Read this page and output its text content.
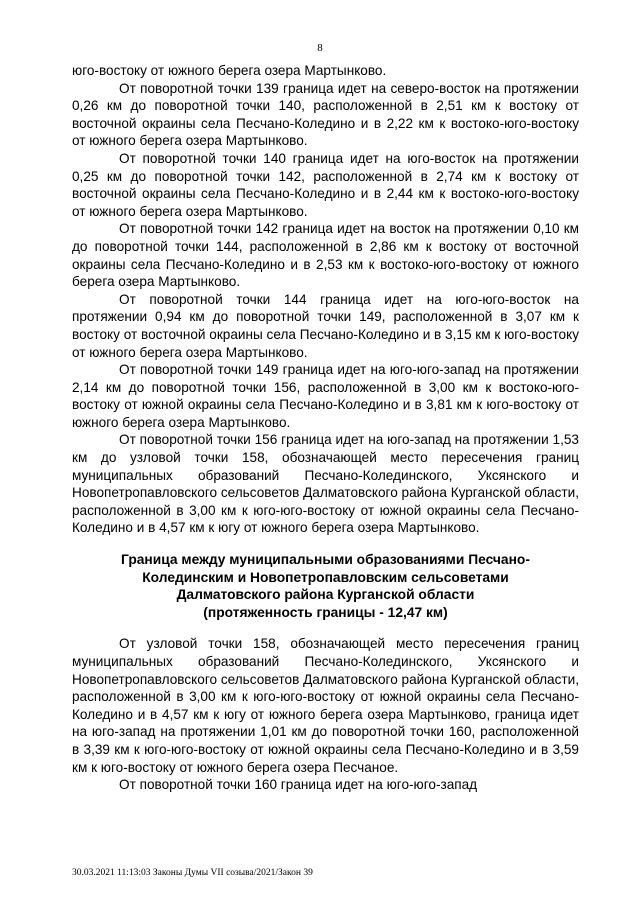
8

юго-востоку от южного берега озера Мартынково.

От поворотной точки 139 граница идет на северо-восток на протяжении 0,26 км до поворотной точки 140, расположенной в 2,51 км к востоку от восточной окраины села Песчано-Коледино и в 2,22 км к востоко-юго-востоку от южного берега озера Мартынково.

От поворотной точки 140 граница идет на юго-восток на протяжении 0,25 км до поворотной точки 142, расположенной в 2,74 км к востоку от восточной окраины села Песчано-Коледино и в 2,44 км к востоко-юго-востоку от южного берега озера Мартынково.

От поворотной точки 142 граница идет на восток на протяжении 0,10 км до поворотной точки 144, расположенной в 2,86 км к востоку от восточной окраины села Песчано-Коледино и в 2,53 км к востоко-юго-востоку от южного берега озера Мартынково.

От поворотной точки 144 граница идет на юго-юго-восток на протяжении 0,94 км до поворотной точки 149, расположенной в 3,07 км к востоку от восточной окраины села Песчано-Коледино и в 3,15 км к юго-востоку от южного берега озера Мартынково.

От поворотной точки 149 граница идет на юго-юго-запад на протяжении 2,14 км до поворотной точки 156, расположенной в 3,00 км к востоко-юго-востоку от южной окраины села Песчано-Коледино и в 3,81 км к юго-востоку от южного берега озера Мартынково.

От поворотной точки 156 граница идет на юго-запад на протяжении 1,53 км до узловой точки 158, обозначающей место пересечения границ муниципальных образований Песчано-Колединского, Уксянского и Новопетропавловского сельсоветов Далматовского района Курганской области, расположенной в 3,00 км к юго-юго-востоку от южной окраины села Песчано-Коледино и в 4,57 км к югу от южного берега озера Мартынково.

Граница между муниципальными образованиями Песчано-
Колединским и Новопетропавловским сельсоветами
Далматовского района Курганской области
(протяженность границы - 12,47 км)

От узловой точки 158, обозначающей место пересечения границ муниципальных образований Песчано-Колединского, Уксянского и Новопетропавловского сельсоветов Далматовского района Курганской области, расположенной в 3,00 км к юго-юго-востоку от южной окраины села Песчано-Коледино и в 4,57 км к югу от южного берега озера Мартынково, граница идет на юго-запад на протяжении 1,01 км до поворотной точки 160, расположенной в 3,39 км к юго-юго-востоку от южной окраины села Песчано-Коледино и в 3,59 км к юго-востоку от южного берега озера Песчаное.

От поворотной точки 160 граница идет на юго-юго-запад

30.03.2021 11:13:03 Законы Думы VII созыва/2021/Закон 39
